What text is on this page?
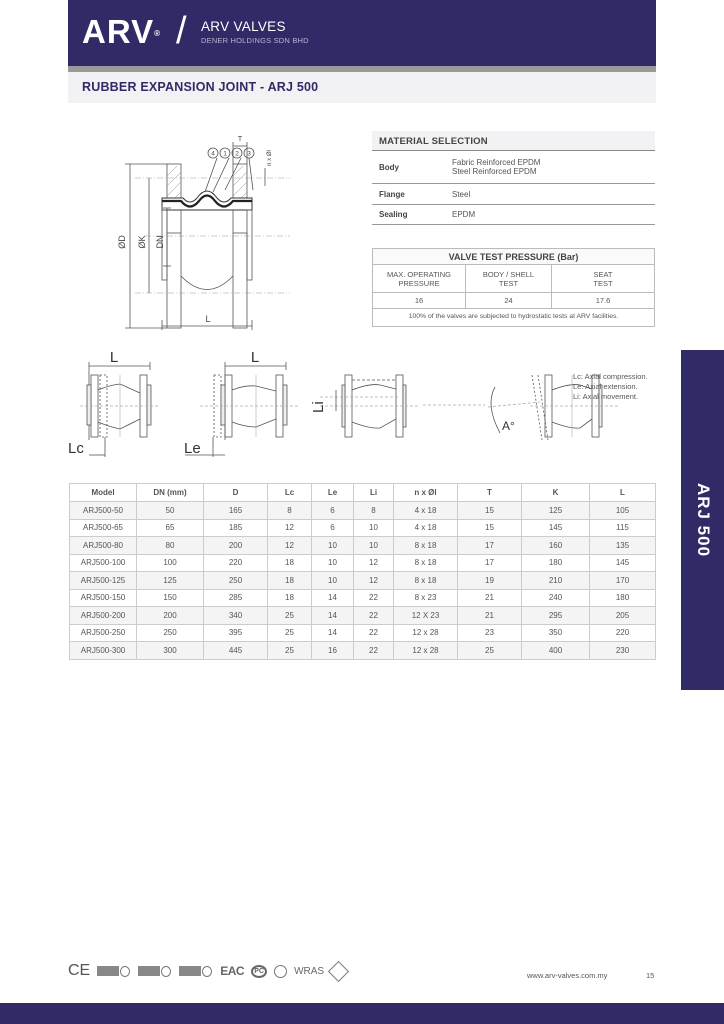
ARV® / ARV VALVES
DENER HOLDINGS SDN BHD
RUBBER EXPANSION JOINT - ARJ 500
4 1 2 3
ØD ØK DN
L
T
n x Øl
MATERIAL SELECTION
Body	Fabric Reinforced EPDM
Steel Reinforced EPDM
Flange	Steel
Sealing	EPDM
VALVE TEST PRESSURE (Bar)
MAX. OPERATING
PRESSURE
BODY / SHELL
TEST
SEAT
TEST
16	24	17.6
100% of the valves are subjected to hydrostatic tests at ARV facilities.
L	L
Lc	Le
Li
A°
Lc: Axial compression.
Le: Axial extension.
Li: Axial movement.
ARJ 500
Model	DN (mm)	D	Lc	Le	Li	n x Øl	T	K	L
ARJ500-50	50	165	8	6	8	4 x 18	15	125	105
ARJ500-65	65	185	12	6	10	4 x 18	15	145	115
ARJ500-80	80	200	12	10	10	8 x 18	17	160	135
ARJ500-100	100	220	18	10	12	8 x 18	17	180	145
ARJ500-125	125	250	18	10	12	8 x 18	19	210	170
ARJ500-150	150	285	18	14	22	8 x 23	21	240	180
ARJ500-200	200	340	25	14	22	12 X 23	21	295	205
ARJ500-250	250	395	25	14	22	12 x 28	23	350	220
ARJ500-300	300	445	25	16	22	12 x 28	25	400	230
CE	EAC	PC	WRAS	www.arv-valves.com.my	15
